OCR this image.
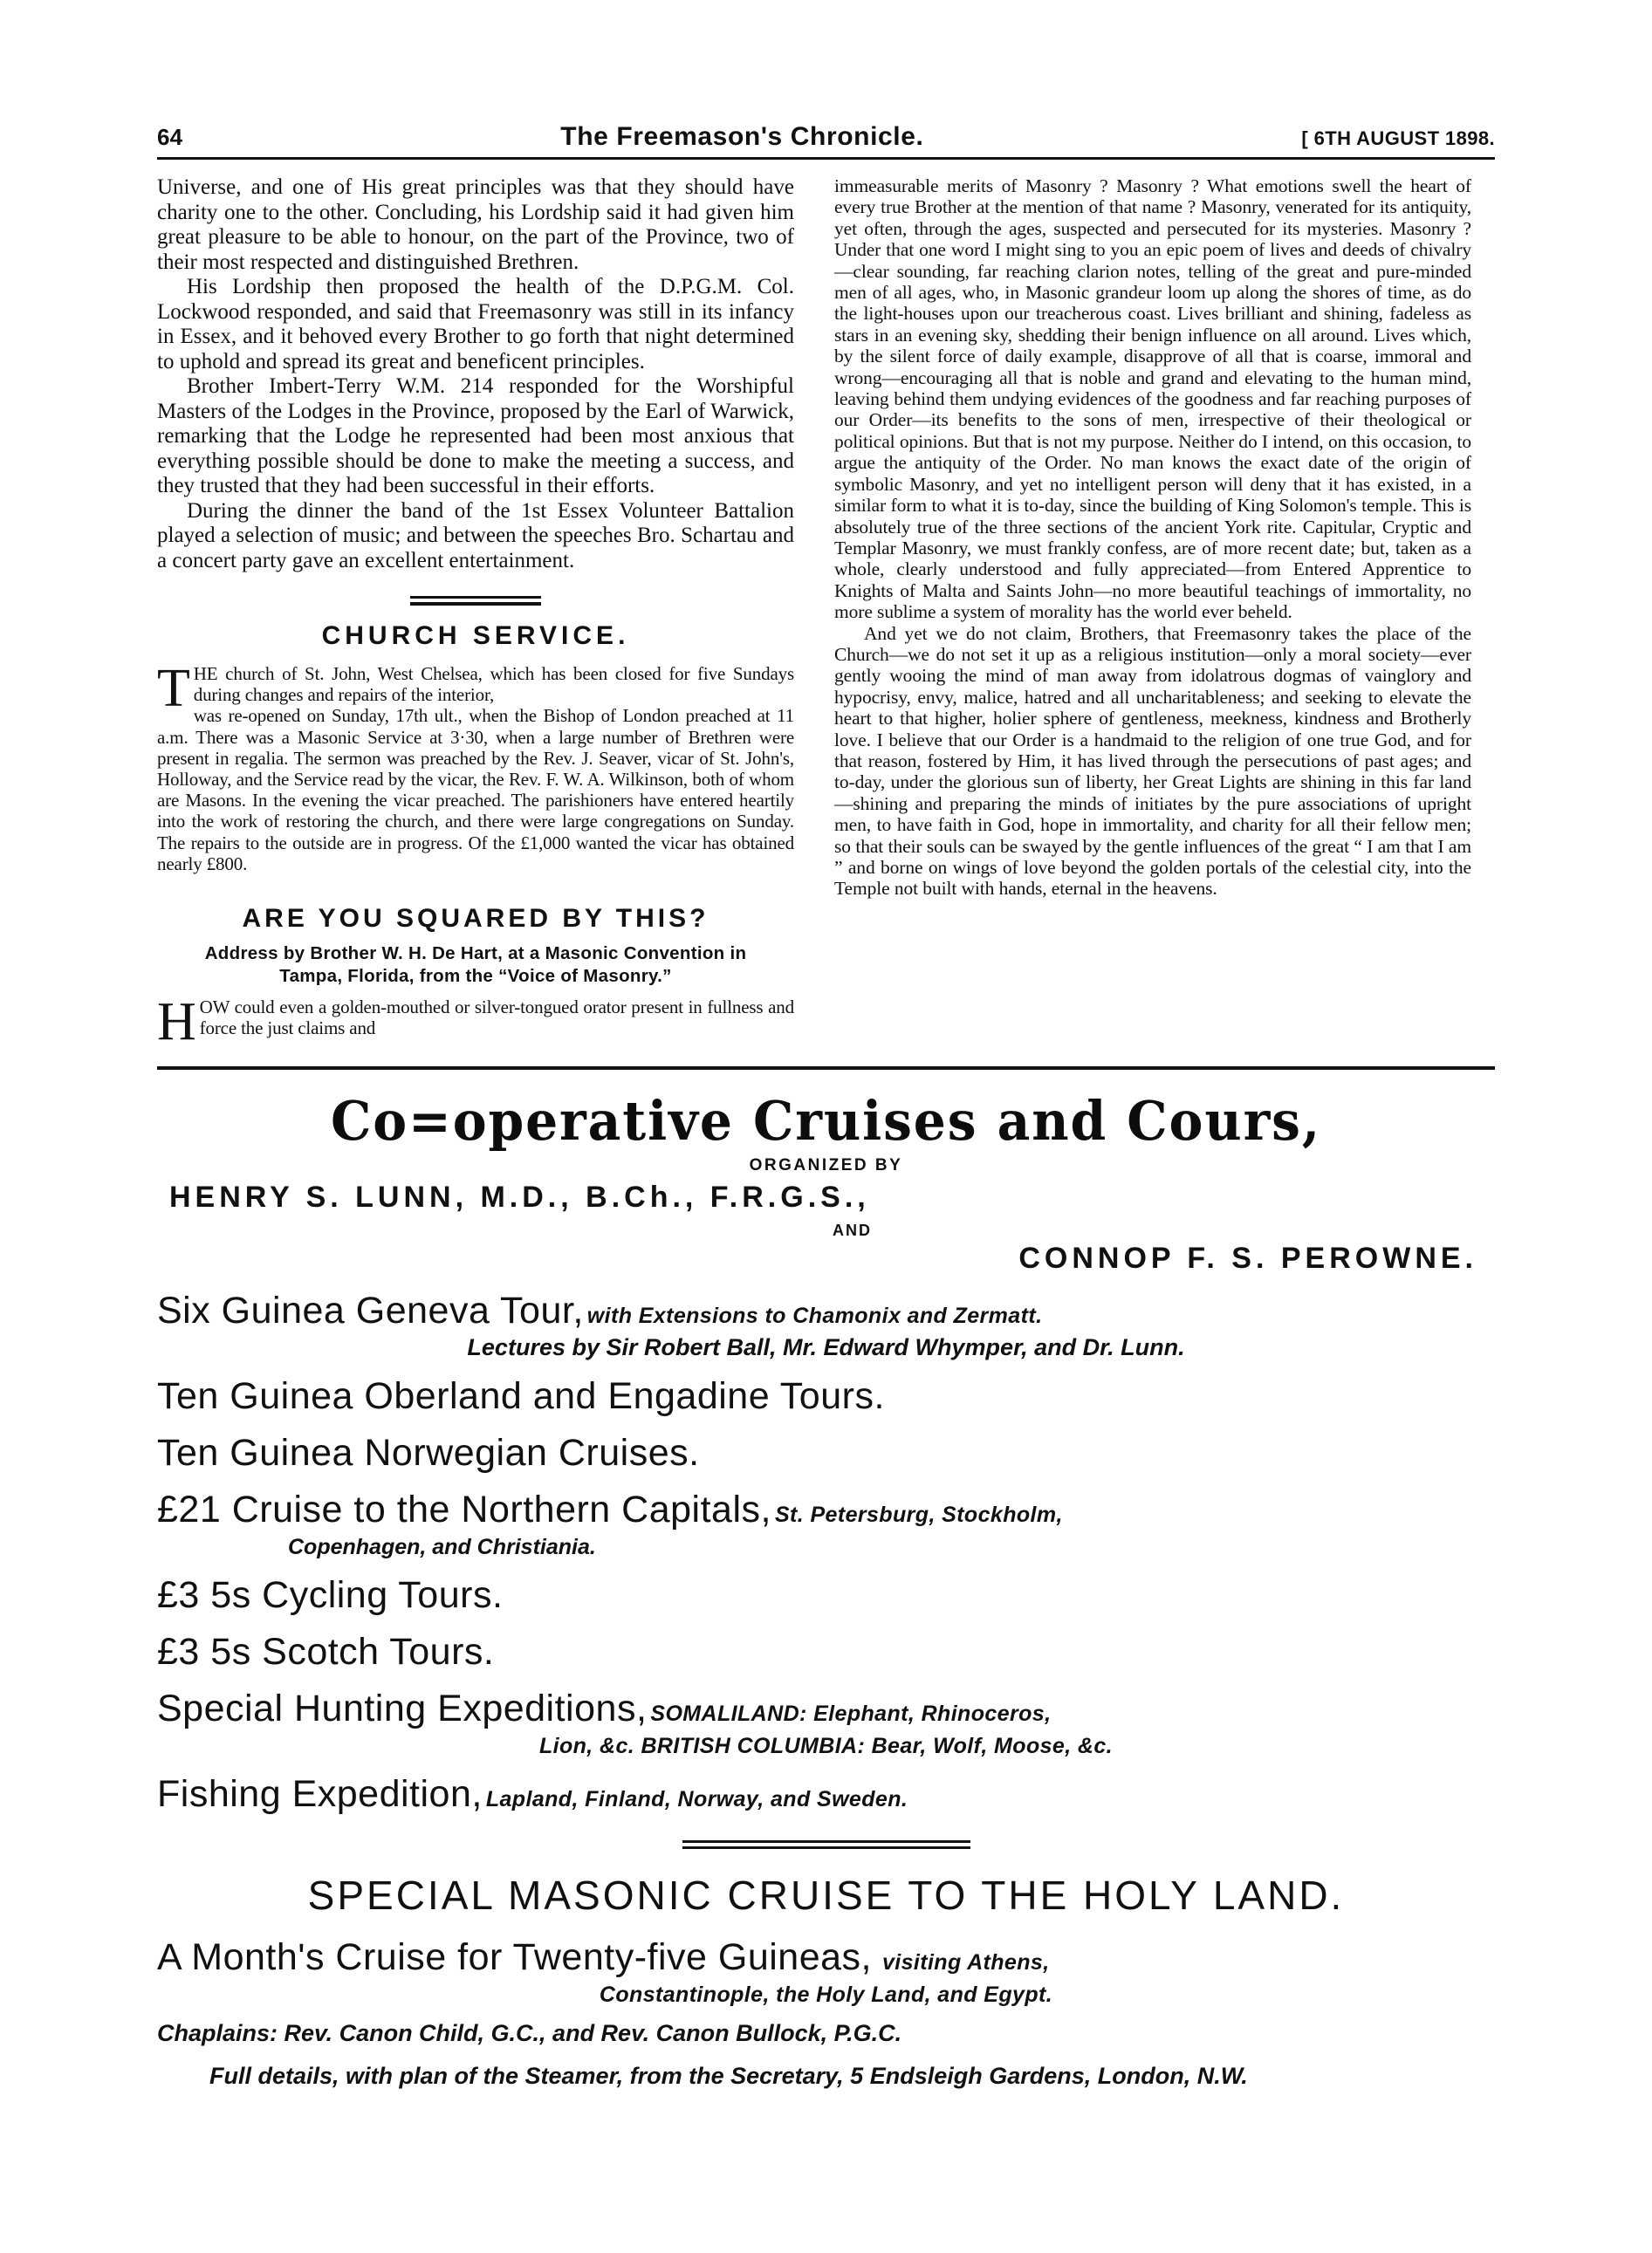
64	The Freemason's Chronicle.	[ 6TH AUGUST 1898.

Universe, and one of His great principles was that they should have charity one to the other. Concluding, his Lordship said it had given him great pleasure to be able to honour, on the part of the Province, two of their most respected and distinguished Brethren.

His Lordship then proposed the health of the D.P.G.M. Col. Lockwood responded, and said that Freemasonry was still in its infancy in Essex, and it behoved every Brother to go forth that night determined to uphold and spread its great and beneficent principles.

Brother Imbert-Terry W.M. 214 responded for the Worshipful Masters of the Lodges in the Province, proposed by the Earl of Warwick, remarking that the Lodge he represented had been most anxious that everything possible should be done to make the meeting a success, and they trusted that they had been successful in their efforts.

During the dinner the band of the 1st Essex Volunteer Battalion played a selection of music; and between the speeches Bro. Schartau and a concert party gave an excellent entertainment.

CHURCH SERVICE.

THE church of St. John, West Chelsea, which has been closed for five Sundays during changes and repairs of the interior,

was re-opened on Sunday, 17th ult., when the Bishop of London preached at 11 a.m. There was a Masonic Service at 3·30, when a large number of Brethren were present in regalia. The sermon was preached by the Rev. J. Seaver, vicar of St. John's, Holloway, and the Service read by the vicar, the Rev. F. W. A. Wilkinson, both of whom are Masons. In the evening the vicar preached. The parishioners have entered heartily into the work of restoring the church, and there were large congregations on Sunday. The repairs to the outside are in progress. Of the £1,000 wanted the vicar has obtained nearly £800.

ARE YOU SQUARED BY THIS?
Address by Brother W. H. De Hart, at a Masonic Convention in
Tampa, Florida, from the “Voice of Masonry.”

HOW could even a golden-mouthed or silver-tongued orator present in fullness and force the just claims and

immeasurable merits of Masonry ? Masonry ? What emotions swell the heart of every true Brother at the mention of that name ? Masonry, venerated for its antiquity, yet often, through the ages, suspected and persecuted for its mysteries. Masonry ? Under that one word I might sing to you an epic poem of lives and deeds of chivalry—clear sounding, far reaching clarion notes, telling of the great and pure-minded men of all ages, who, in Masonic grandeur loom up along the shores of time, as do the light-houses upon our treacherous coast. Lives brilliant and shining, fadeless as stars in an evening sky, shedding their benign influence on all around. Lives which, by the silent force of daily example, disapprove of all that is coarse, immoral and wrong—encouraging all that is noble and grand and elevating to the human mind, leaving behind them undying evidences of the goodness and far reaching purposes of our Order—its benefits to the sons of men, irrespective of their theological or political opinions. But that is not my purpose. Neither do I intend, on this occasion, to argue the antiquity of the Order. No man knows the exact date of the origin of symbolic Masonry, and yet no intelligent person will deny that it has existed, in a similar form to what it is to-day, since the building of King Solomon's temple. This is absolutely true of the three sections of the ancient York rite. Capitular, Cryptic and Templar Masonry, we must frankly confess, are of more recent date; but, taken as a whole, clearly understood and fully appreciated—from Entered Apprentice to Knights of Malta and Saints John—no more beautiful teachings of immortality, no more sublime a system of morality has the world ever beheld.

And yet we do not claim, Brothers, that Freemasonry takes the place of the Church—we do not set it up as a religious institution—only a moral society—ever gently wooing the mind of man away from idolatrous dogmas of vainglory and hypocrisy, envy, malice, hatred and all uncharitableness; and seeking to elevate the heart to that higher, holier sphere of gentleness, meekness, kindness and Brotherly love. I believe that our Order is a handmaid to the religion of one true God, and for that reason, fostered by Him, it has lived through the persecutions of past ages; and to-day, under the glorious sun of liberty, her Great Lights are shining in this far land—shining and preparing the minds of initiates by the pure associations of upright men, to have faith in God, hope in immortality, and charity for all their fellow men; so that their souls can be swayed by the gentle influences of the great “ I am that I am ” and borne on wings of love beyond the golden portals of the celestial city, into the Temple not built with hands, eternal in the heavens.

Co=operative Cruises and Cours,
ORGANIZED BY
HENRY S. LUNN, M.D., B.Ch., F.R.G.S.,
AND
CONNOP F. S. PEROWNE.
Six Guinea Geneva Tour, with Extensions to Chamonix and Zermatt.
Lectures by Sir Robert Ball, Mr. Edward Whymper, and Dr. Lunn.
Ten Guinea Oberland and Engadine Tours.
Ten Guinea Norwegian Cruises.
£21 Cruise to the Northern Capitals, St. Petersburg, Stockholm,
Copenhagen, and Christiania.
£3 5s Cycling Tours.
£3 5s Scotch Tours.
Special Hunting Expeditions, SOMALILAND: Elephant, Rhinoceros,
Lion, &c. BRITISH COLUMBIA: Bear, Wolf, Moose, &c.
Fishing Expedition, Lapland, Finland, Norway, and Sweden.
SPECIAL MASONIC CRUISE TO THE HOLY LAND.
A Month's Cruise for Twenty-five Guineas, visiting Athens,
Constantinople, the Holy Land, and Egypt.
Chaplains: Rev. Canon Child, G.C., and Rev. Canon Bullock, P.G.C.
Full details, with plan of the Steamer, from the Secretary, 5 Endsleigh Gardens, London, N.W.
